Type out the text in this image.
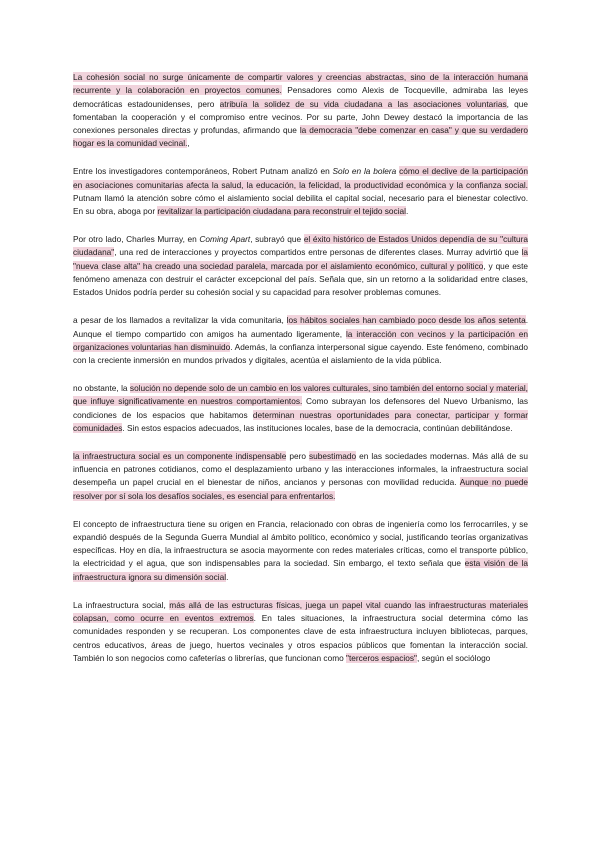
La cohesión social no surge únicamente de compartir valores y creencias abstractas, sino de la interacción humana recurrente y la colaboración en proyectos comunes. Pensadores como Alexis de Tocqueville, admiraba las leyes democráticas estadounidenses, pero atribuía la solidez de su vida ciudadana a las asociaciones voluntarias, que fomentaban la cooperación y el compromiso entre vecinos. Por su parte, John Dewey destacó la importancia de las conexiones personales directas y profundas, afirmando que la democracia "debe comenzar en casa" y que su verdadero hogar es la comunidad vecinal.,

Entre los investigadores contemporáneos, Robert Putnam analizó en Solo en la bolera cómo el declive de la participación en asociaciones comunitarias afecta la salud, la educación, la felicidad, la productividad económica y la confianza social. Putnam llamó la atención sobre cómo el aislamiento social debilita el capital social, necesario para el bienestar colectivo. En su obra, aboga por revitalizar la participación ciudadana para reconstruir el tejido social.

Por otro lado, Charles Murray, en Coming Apart, subrayó que el éxito histórico de Estados Unidos dependía de su "cultura ciudadana", una red de interacciones y proyectos compartidos entre personas de diferentes clases. Murray advirtió que la "nueva clase alta" ha creado una sociedad paralela, marcada por el aislamiento económico, cultural y político, y que este fenómeno amenaza con destruir el carácter excepcional del país. Señala que, sin un retorno a la solidaridad entre clases, Estados Unidos podría perder su cohesión social y su capacidad para resolver problemas comunes.

a pesar de los llamados a revitalizar la vida comunitaria, los hábitos sociales han cambiado poco desde los años setenta. Aunque el tiempo compartido con amigos ha aumentado ligeramente, la interacción con vecinos y la participación en organizaciones voluntarias han disminuido. Además, la confianza interpersonal sigue cayendo. Este fenómeno, combinado con la creciente inmersión en mundos privados y digitales, acentúa el aislamiento de la vida pública.

no obstante, la solución no depende solo de un cambio en los valores culturales, sino también del entorno social y material, que influye significativamente en nuestros comportamientos. Como subrayan los defensores del Nuevo Urbanismo, las condiciones de los espacios que habitamos determinan nuestras oportunidades para conectar, participar y formar comunidades. Sin estos espacios adecuados, las instituciones locales, base de la democracia, continúan debilitándose.

la infraestructura social es un componente indispensable pero subestimado en las sociedades modernas. Más allá de su influencia en patrones cotidianos, como el desplazamiento urbano y las interacciones informales, la infraestructura social desempeña un papel crucial en el bienestar de niños, ancianos y personas con movilidad reducida. Aunque no puede resolver por sí sola los desafíos sociales, es esencial para enfrentarlos.

El concepto de infraestructura tiene su origen en Francia, relacionado con obras de ingeniería como los ferrocarriles, y se expandió después de la Segunda Guerra Mundial al ámbito político, económico y social, justificando teorías organizativas específicas. Hoy en día, la infraestructura se asocia mayormente con redes materiales críticas, como el transporte público, la electricidad y el agua, que son indispensables para la sociedad. Sin embargo, el texto señala que esta visión de la infraestructura ignora su dimensión social.

La infraestructura social, más allá de las estructuras físicas, juega un papel vital cuando las infraestructuras materiales colapsan, como ocurre en eventos extremos. En tales situaciones, la infraestructura social determina cómo las comunidades responden y se recuperan. Los componentes clave de esta infraestructura incluyen bibliotecas, parques, centros educativos, áreas de juego, huertos vecinales y otros espacios públicos que fomentan la interacción social. También lo son negocios como cafeterías o librerías, que funcionan como "terceros espacios", según el sociólogo
